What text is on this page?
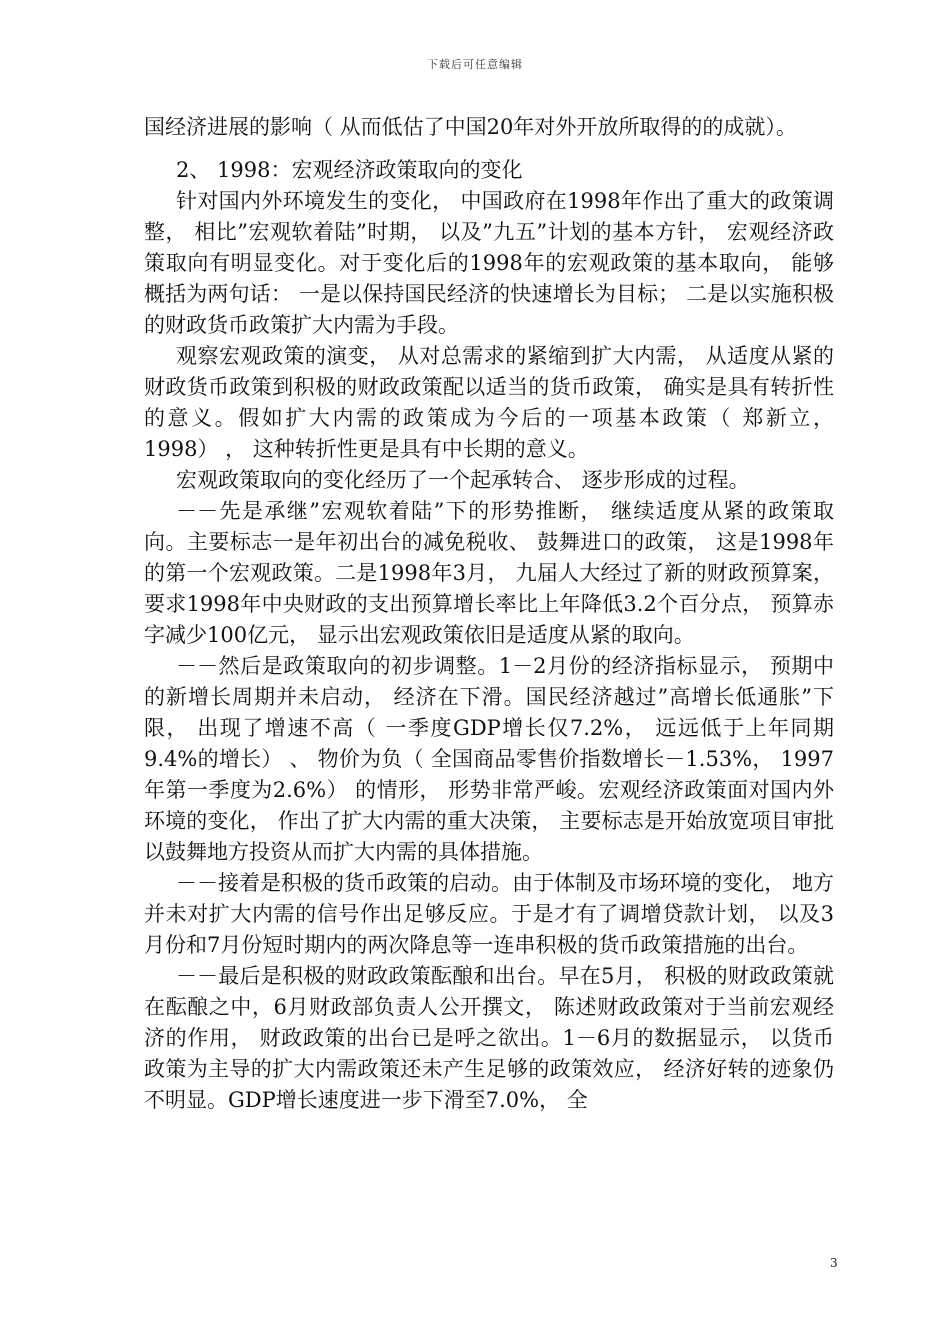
下载后可任意编辑

国经济进展的影响（ 从而低估了中国20年对外开放所取得的的成就）。

2、 1998：宏观经济政策取向的变化

针对国内外环境发生的变化， 中国政府在1998年作出了重大的政策调整， 相比”宏观软着陆”时期， 以及”九五”计划的基本方针， 宏观经济政策取向有明显变化。对于变化后的1998年的宏观政策的基本取向， 能够概括为两句话： 一是以保持国民经济的快速增长为目标； 二是以实施积极的财政货币政策扩大内需为手段。

观察宏观政策的演变， 从对总需求的紧缩到扩大内需， 从适度从紧的财政货币政策到积极的财政政策配以适当的货币政策， 确实是具有转折性的意义。假如扩大内需的政策成为今后的一项基本政策（ 郑新立， 1998） ， 这种转折性更是具有中长期的意义。

宏观政策取向的变化经历了一个起承转合、 逐步形成的过程。

－－先是承继”宏观软着陆”下的形势推断， 继续适度从紧的政策取向。主要标志一是年初出台的减免税收、 鼓舞进口的政策， 这是1998年的第一个宏观政策。二是1998年3月， 九届人大经过了新的财政预算案， 要求1998年中央财政的支出预算增长率比上年降低3.2个百分点， 预算赤字减少100亿元， 显示出宏观政策依旧是适度从紧的取向。

－－然后是政策取向的初步调整。1－2月份的经济指标显示， 预期中的新增长周期并未启动， 经济在下滑。国民经济越过”高增长低通胀”下限， 出现了增速不高（ 一季度GDP增长仅7.2%， 远远低于上年同期9.4%的增长） 、 物价为负（ 全国商品零售价指数增长－1.53%， 1997年第一季度为2.6%） 的情形， 形势非常严峻。宏观经济政策面对国内外环境的变化， 作出了扩大内需的重大决策， 主要标志是开始放宽项目审批以鼓舞地方投资从而扩大内需的具体措施。

－－接着是积极的货币政策的启动。由于体制及市场环境的变化， 地方并未对扩大内需的信号作出足够反应。于是才有了调增贷款计划， 以及3月份和7月份短时期内的两次降息等一连串积极的货币政策措施的出台。

－－最后是积极的财政政策酝酿和出台。早在5月， 积极的财政政策就在酝酿之中，6月财政部负责人公开撰文， 陈述财政政策对于当前宏观经济的作用， 财政政策的出台已是呼之欲出。1－6月的数据显示， 以货币政策为主导的扩大内需政策还未产生足够的政策效应， 经济好转的迹象仍不明显。GDP增长速度进一步下滑至7.0%， 全

3
